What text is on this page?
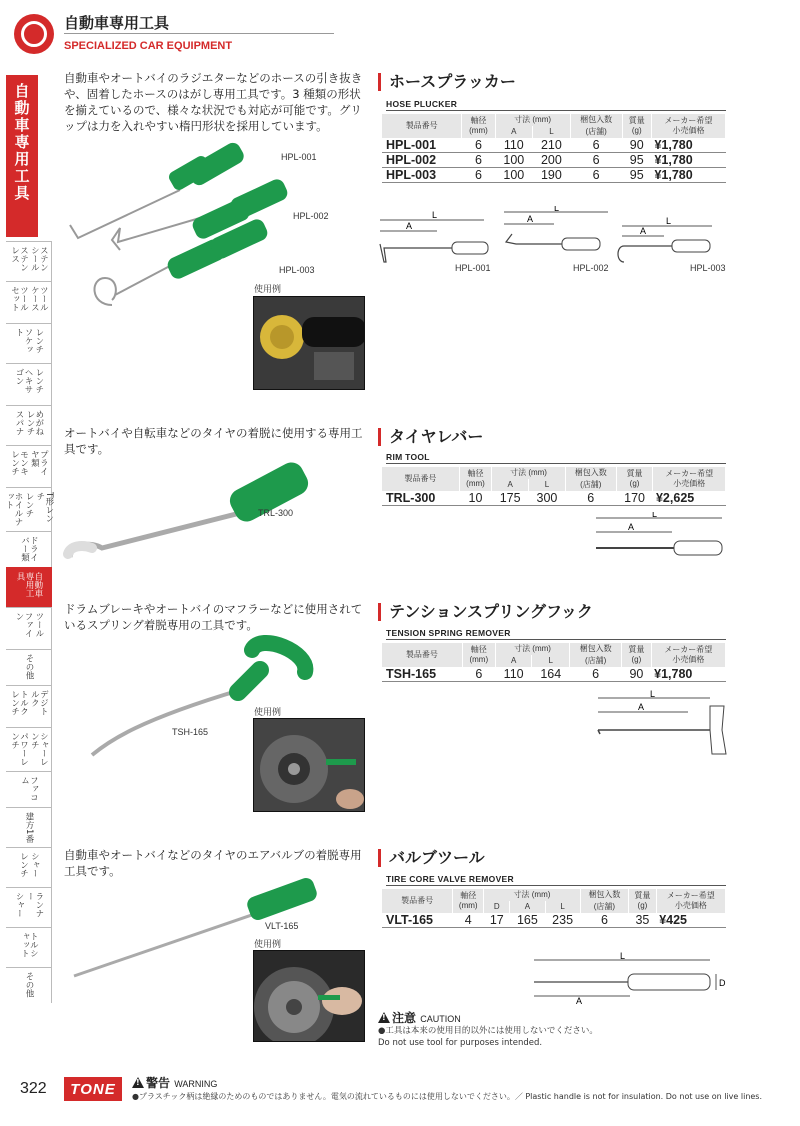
自動車専用工具
SPECIALIZED CAR EQUIPMENT
自動車専用工具
ステンレス	ステンシール
ツールセット	ツールケース
ソケット	レンチ
ヘキサゴン	レンチ
スパナ	めがねレンチ
モンキレンチ	プライヤ類
ホイルナット	レンチ	T形レンチ
ドライバー類
自動車専用工具
ファイン	ツール
その他
トルクレンチ	デジトルク
パワーレンチ	シャーレンチ
ファコム
建方1番
レンチ シャー
シャー	ランナー
トルシャット
その他
自動車やオートバイのラジエターなどのホースの引き抜きや、固着したホースのはがし専用工具です。3 種類の形状を揃えているので、様々な状況でも対応が可能です。グリップは力を入れやすい楕円形状を採用しています。
HPL-001
HPL-002
HPL-003
使用例
ホースプラッカー
HOSE PLUCKER
製品番号	軸径
(mm)	寸法 (mm)		梱包入数	質量
(g)	メーカー希望
小売価格
		A	L	(店舗)		
HPL-001	6	110	210	6	90	¥1,780
HPL-002	6	100	200	6	95	¥1,780
HPL-003	6	100	190	6	95	¥1,780
L
A
L
A	L
A
HPL-001	HPL-002	HPL-003
オートバイや自転車などのタイヤの着脱に使用する専用工具です。
TRL-300
タイヤレバー
RIM TOOL
製品番号	軸径
(mm)	寸法 (mm)		梱包入数	質量
(g)	メーカー希望
小売価格
		A	L	(店舗)		
TRL-300	10	175	300	6	170	¥2,625
L
A
ドラムブレーキやオートバイのマフラーなどに使用されているスプリング着脱専用の工具です。
TSH-165
使用例
テンションスプリングフック
TENSION SPRING REMOVER
製品番号	軸径
(mm)	寸法 (mm)		梱包入数	質量
(g)	メーカー希望
小売価格
		A	L	(店舗)		
TSH-165	6	110	164	6	90	¥1,780
L
A
自動車やオートバイなどのタイヤのエアバルブの着脱専用工具です。
VLT-165
使用例
バルブツール
TIRE CORE VALVE REMOVER
製品番号	軸径
(mm)	寸法 (mm)			梱包入数	質量
(g)	メーカー希望
小売価格
		D	A	L	(店舗)		
VLT-165	4	17	165	235	6	35	¥425
L
A
D
!注意 CAUTION
●工具は本来の使用目的以外には使用しないでください。
Do not use tool for purposes intended.
322	TONE !	警告 WARNING
●プラスチック柄は絶縁のためのものではありません。電気の流れているものには使用しないでください。／ Plastic handle is not for insulation. Do not use on live lines.
